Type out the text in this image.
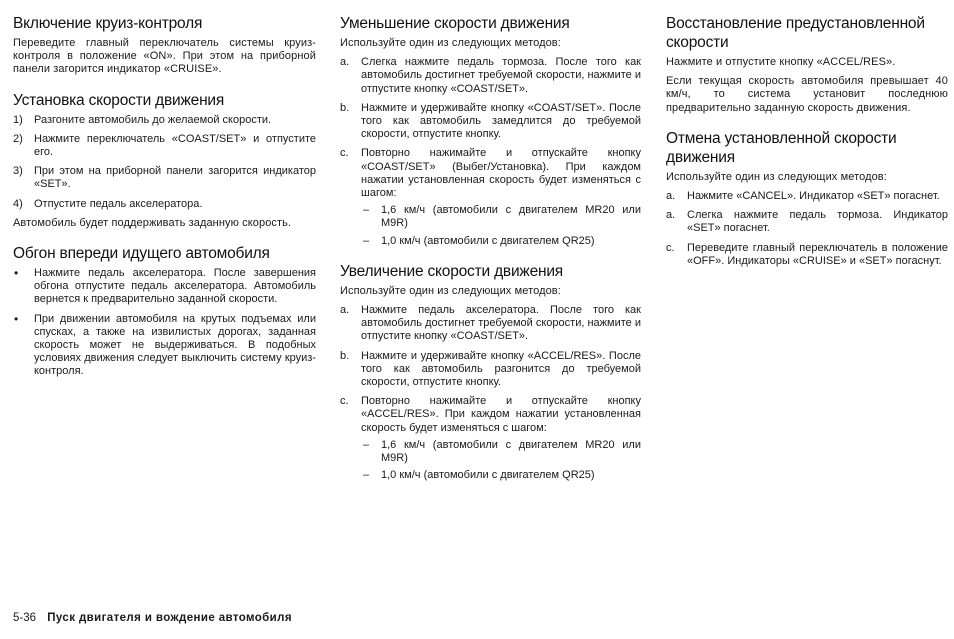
Включение круиз-контроля

Переведите главный переключатель системы круиз-контроля в положение «ON». При этом на приборной панели загорится индикатор «CRUISE».

Установка скорости движения
1) Разгоните автомобиль до желаемой скорости.
2) Нажмите переключатель «COAST/SET» и отпустите его.
3) При этом на приборной панели загорится индикатор «SET».
4) Отпустите педаль акселератора.

Автомобиль будет поддерживать заданную скорость.

Обгон впереди идущего автомобиля
• Нажмите педаль акселератора. После завершения обгона отпустите педаль акселератора. Автомобиль вернется к предварительно заданной скорости.
• При движении автомобиля на крутых подъемах или спусках, а также на извилистых дорогах, заданная скорость может не выдерживаться. В подобных условиях движения следует выключить систему круиз-контроля.
Уменьшение скорости движения

Используйте один из следующих методов:

a. Слегка нажмите педаль тормоза. После того как автомобиль достигнет требуемой скорости, нажмите и отпустите кнопку «COAST/SET».
b. Нажмите и удерживайте кнопку «COAST/SET». После того как автомобиль замедлится до требуемой скорости, отпустите кнопку.
c. Повторно нажимайте и отпускайте кнопку «COAST/SET» (Выбег/Установка). При каждом нажатии установленная скорость будет изменяться с шагом:
– 1,6 км/ч (автомобили с двигателем MR20 или M9R)
– 1,0 км/ч (автомобили с двигателем QR25)
Увеличение скорости движения

Используйте один из следующих методов:

a. Нажмите педаль акселератора. После того как автомобиль достигнет требуемой скорости, нажмите и отпустите кнопку «COAST/SET».
b. Нажмите и удерживайте кнопку «ACCEL/RES». После того как автомобиль разгонится до требуемой скорости, отпустите кнопку.
c. Повторно нажимайте и отпускайте кнопку «ACCEL/RES». При каждом нажатии установленная скорость будет изменяться с шагом:
– 1,6 км/ч (автомобили с двигателем MR20 или M9R)
– 1,0 км/ч (автомобили с двигателем QR25)
Восстановление предустановленной скорости

Нажмите и отпустите кнопку «ACCEL/RES».

Если текущая скорость автомобиля превышает 40 км/ч, то система установит последнюю предварительно заданную скорость движения.

Отмена установленной скорости движения

Используйте один из следующих методов:

a. Нажмите «CANCEL». Индикатор «SET» погаснет.
a. Слегка нажмите педаль тормоза. Индикатор «SET» погаснет.
c. Переведите главный переключатель в положение «OFF». Индикаторы «CRUISE» и «SET» погаснут.
5-36 Пуск двигателя и вождение автомобиля
